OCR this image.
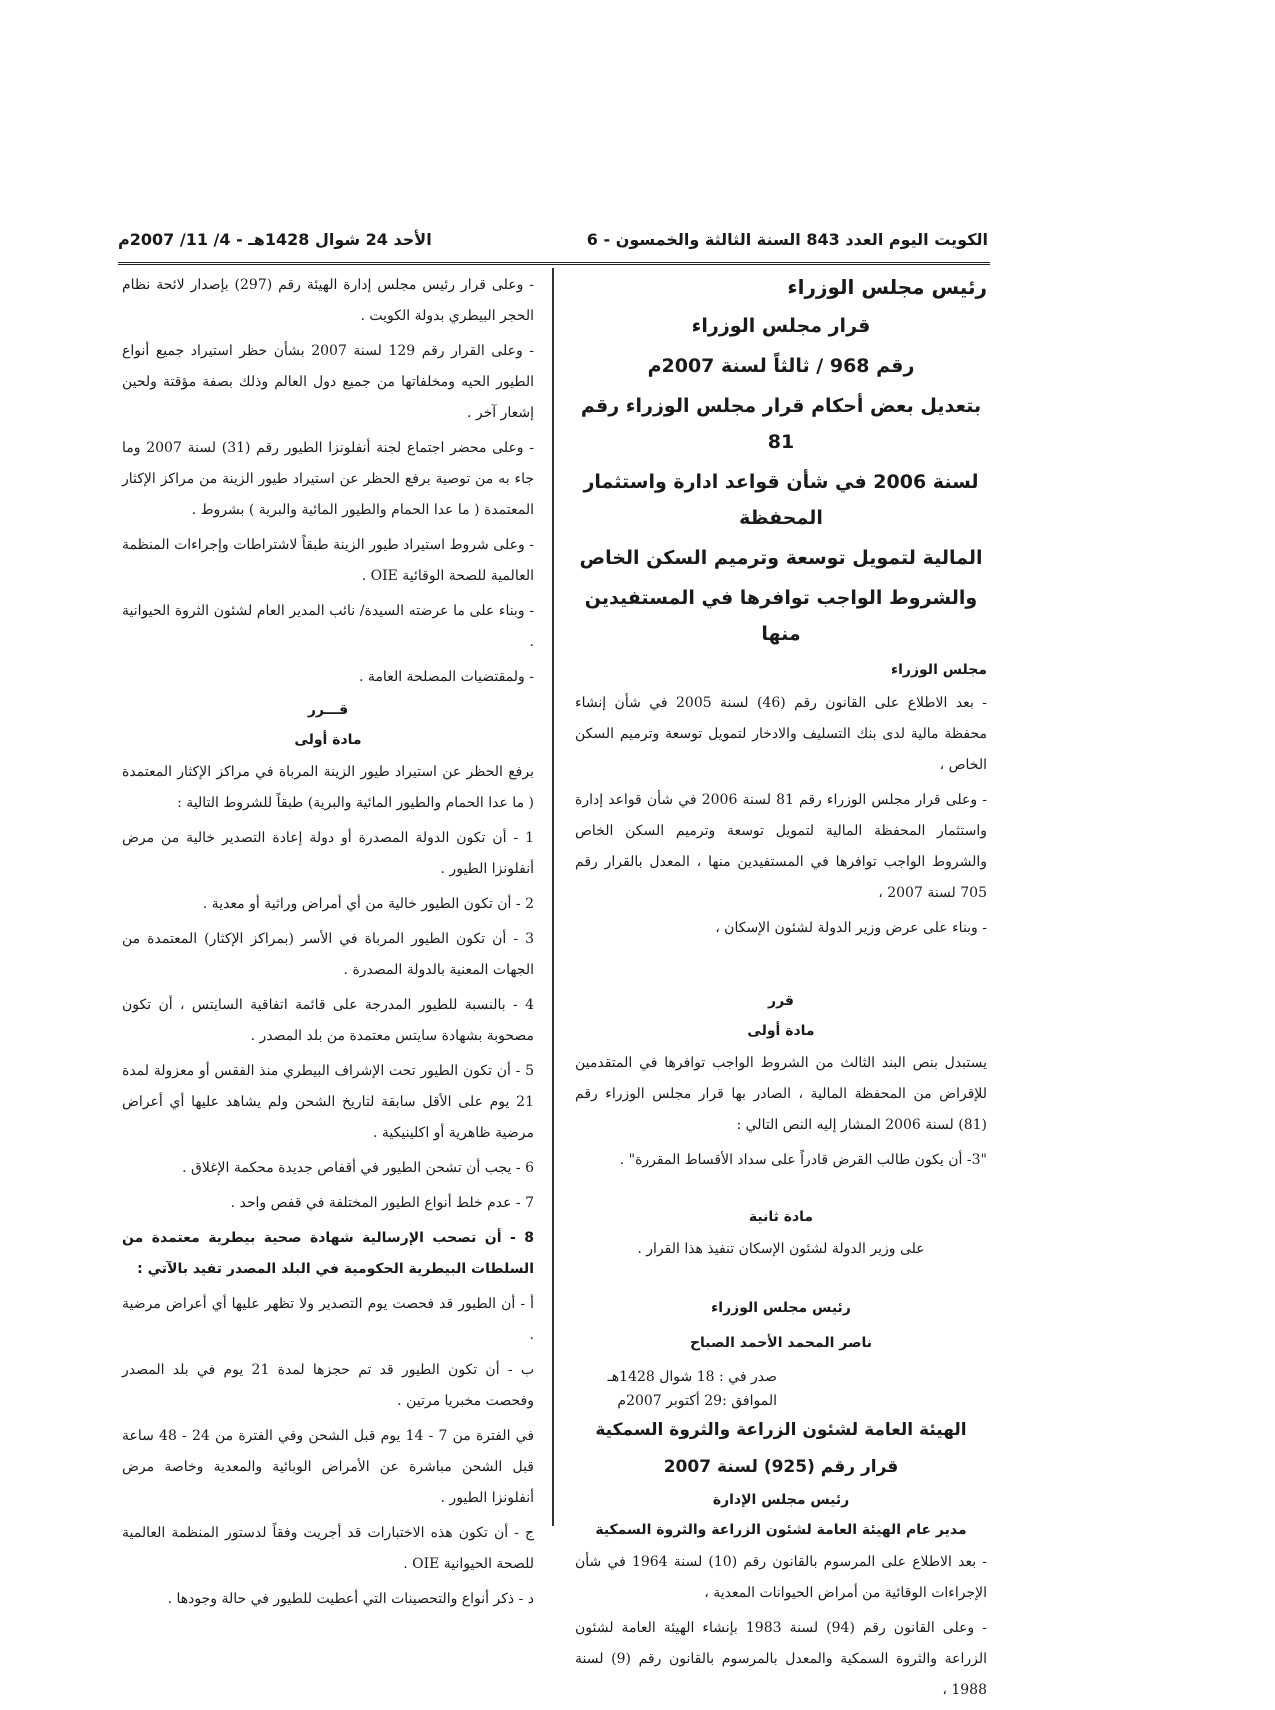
الكويت اليوم العدد 843 السنة الثالثة والخمسون - 6
الأحد 24 شوال 1428هـ - 4/ 11/ 2007م

رئيس مجلس الوزراء

قرار مجلس الوزراء

رقم 968 / ثالثاً لسنة 2007م

بتعديل بعض أحكام قرار مجلس الوزراء رقم 81

لسنة 2006 في شأن قواعد ادارة واستثمار المحفظة

المالية لتمويل توسعة وترميم السكن الخاص

والشروط الواجب توافرها في المستفيدين منها

مجلس الوزراء

- بعد الاطلاع على القانون رقم (46) لسنة 2005 في شأن إنشاء محفظة مالية لدى بنك التسليف والادخار لتمويل توسعة وترميم السكن الخاص ،

- وعلى قرار مجلس الوزراء رقم 81 لسنة 2006 في شأن قواعد إدارة واستثمار المحفظة المالية لتمويل توسعة وترميم السكن الخاص والشروط الواجب توافرها في المستفيدين منها ، المعدل بالقرار رقم 705 لسنة 2007 ،

- وبناء على عرض وزير الدولة لشئون الإسكان ،

قرر

مادة أولى

يستبدل بنص البند الثالث من الشروط الواجب توافرها في المتقدمين للإقراض من المحفظة المالية ، الصادر بها قرار مجلس الوزراء رقم (81) لسنة 2006 المشار إليه النص التالي :

"3- أن يكون طالب القرض قادراً على سداد الأقساط المقررة" .

مادة ثانية

على وزير الدولة لشئون الإسكان تنفيذ هذا القرار .

رئيس مجلس الوزراء

ناصر المحمد الأحمد الصباح

صدر في : 18 شوال 1428هـ
الموافق :29 أكتوبر 2007م

الهيئة العامة لشئون الزراعة والثروة السمكية

قرار رقم (925) لسنة 2007

رئيس مجلس الإدارة

مدير عام الهيئة العامة لشئون الزراعة والثروة السمكية

- بعد الاطلاع على المرسوم بالقانون رقم (10) لسنة 1964 في شأن الإجراءات الوقائية من أمراض الحيوانات المعدية ،

- وعلى القانون رقم (94) لسنة 1983 بإنشاء الهيئة العامة لشئون الزراعة والثروة السمكية والمعدل بالمرسوم بالقانون رقم (9) لسنة 1988 ،

- وعلى قرار رئيس مجلس إدارة الهيئة رقم (297) بإصدار لائحة نظام الحجر البيطري بدولة الكويت .

- وعلى القرار رقم 129 لسنة 2007 بشأن حظر استيراد جميع أنواع الطيور الحيه ومخلفاتها من جميع دول العالم وذلك بصفة مؤقتة ولحين إشعار آخر .

- وعلى محضر اجتماع لجنة أنفلونزا الطيور رقم (31) لسنة 2007 وما جاء به من توصية برفع الحظر عن استيراد طيور الزينة من مراكز الإكثار المعتمدة ( ما عدا الحمام والطيور المائية والبرية ) بشروط .

- وعلى شروط استيراد طيور الزينة طبقاً لاشتراطات وإجراءات المنظمة العالمية للصحة الوقائية OIE .

- وبناء على ما عرضته السيدة/ نائب المدير العام لشئون الثروة الحيوانية .

- ولمقتضيات المصلحة العامة .

قـــرر

مادة أولى

برفع الحظر عن استيراد طيور الزينة المرباة في مراكز الإكثار المعتمدة ( ما عدا الحمام والطيور المائية والبرية) طبقاً للشروط التالية :

1 - أن تكون الدولة المصدرة أو دولة إعادة التصدير خالية من مرض أنفلونزا الطيور .

2 - أن تكون الطيور خالية من أي أمراض وراثية أو معدية .

3 - أن تكون الطيور المرباة في الأسر (بمراكز الإكثار) المعتمدة من الجهات المعنية بالدولة المصدرة .

4 - بالنسبة للطيور المدرجة على قائمة اتفاقية السايتس ، أن تكون مصحوبة بشهادة سايتس معتمدة من بلد المصدر .

5 - أن تكون الطيور تحت الإشراف البيطري منذ الفقس أو معزولة لمدة 21 يوم على الأقل سابقة لتاريخ الشحن ولم يشاهد عليها أي أعراض مرضية ظاهرية أو اكلينيكية .

6 - يجب أن تشحن الطيور في أقفاص جديدة محكمة الإغلاق .

7 - عدم خلط أنواع الطيور المختلفة في قفص واحد .

8 - أن تصحب الإرسالية شهادة صحية بيطرية معتمدة من السلطات البيطرية الحكومية في البلد المصدر تفيد بالآتي :

أ - أن الطيور قد فحصت يوم التصدير ولا تظهر عليها أي أعراض مرضية .

ب - أن تكون الطيور قد تم حجزها لمدة 21 يوم في بلد المصدر وفحصت مخبريا مرتين .

في الفترة من 7 - 14 يوم قبل الشحن وفي الفترة من 24 - 48 ساعة قبل الشحن مباشرة عن الأمراض الوبائية والمعدية وخاصة مرض أنفلونزا الطيور .

ج - أن تكون هذه الاختبارات قد أجريت وفقاً لدستور المنظمة العالمية للصحة الحيوانية OIE .

د - ذكر أنواع والتحصينات التي أعطيت للطيور في حالة وجودها .
